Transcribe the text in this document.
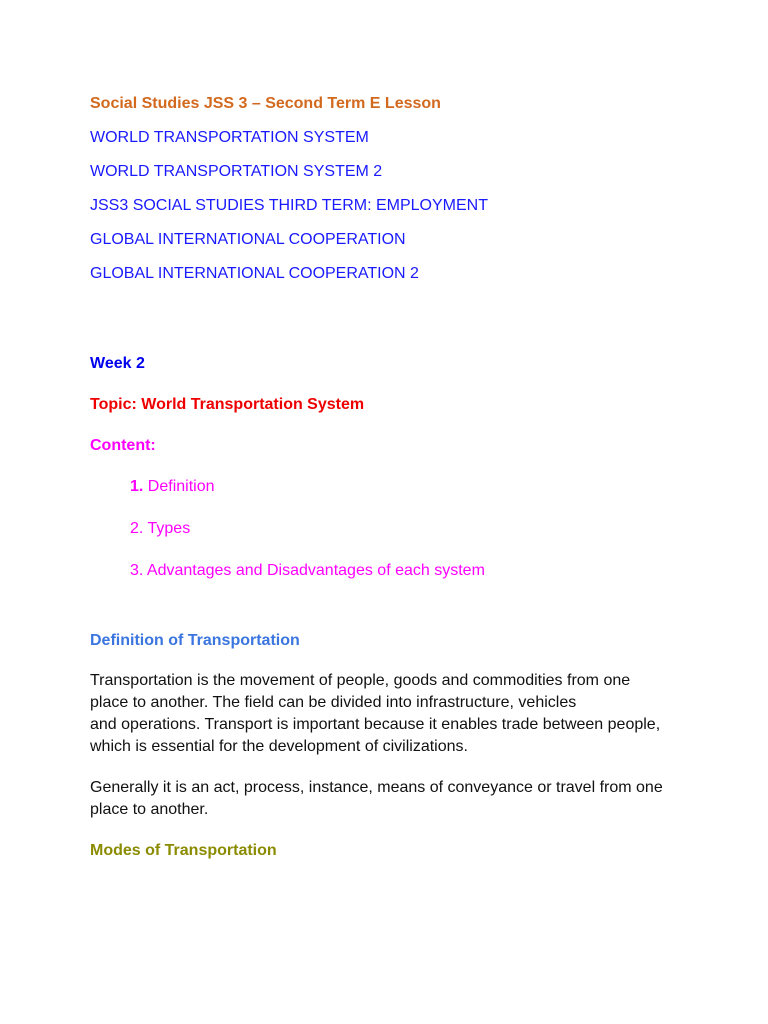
Social Studies JSS 3 – Second Term E Lesson
WORLD TRANSPORTATION SYSTEM
WORLD TRANSPORTATION SYSTEM 2
JSS3 SOCIAL STUDIES THIRD TERM: EMPLOYMENT
GLOBAL INTERNATIONAL COOPERATION
GLOBAL INTERNATIONAL COOPERATION 2
Week 2
Topic: World Transportation System
Content:
1. Definition
2. Types
3. Advantages and Disadvantages of each system
Definition of Transportation

Transportation is the movement of people, goods and commodities from one
place to another. The field can be divided into infrastructure, vehicles
and operations. Transport is important because it enables trade between people,
which is essential for the development of civilizations.

Generally it is an act, process, instance, means of conveyance or travel from one
place to another.

Modes of Transportation
